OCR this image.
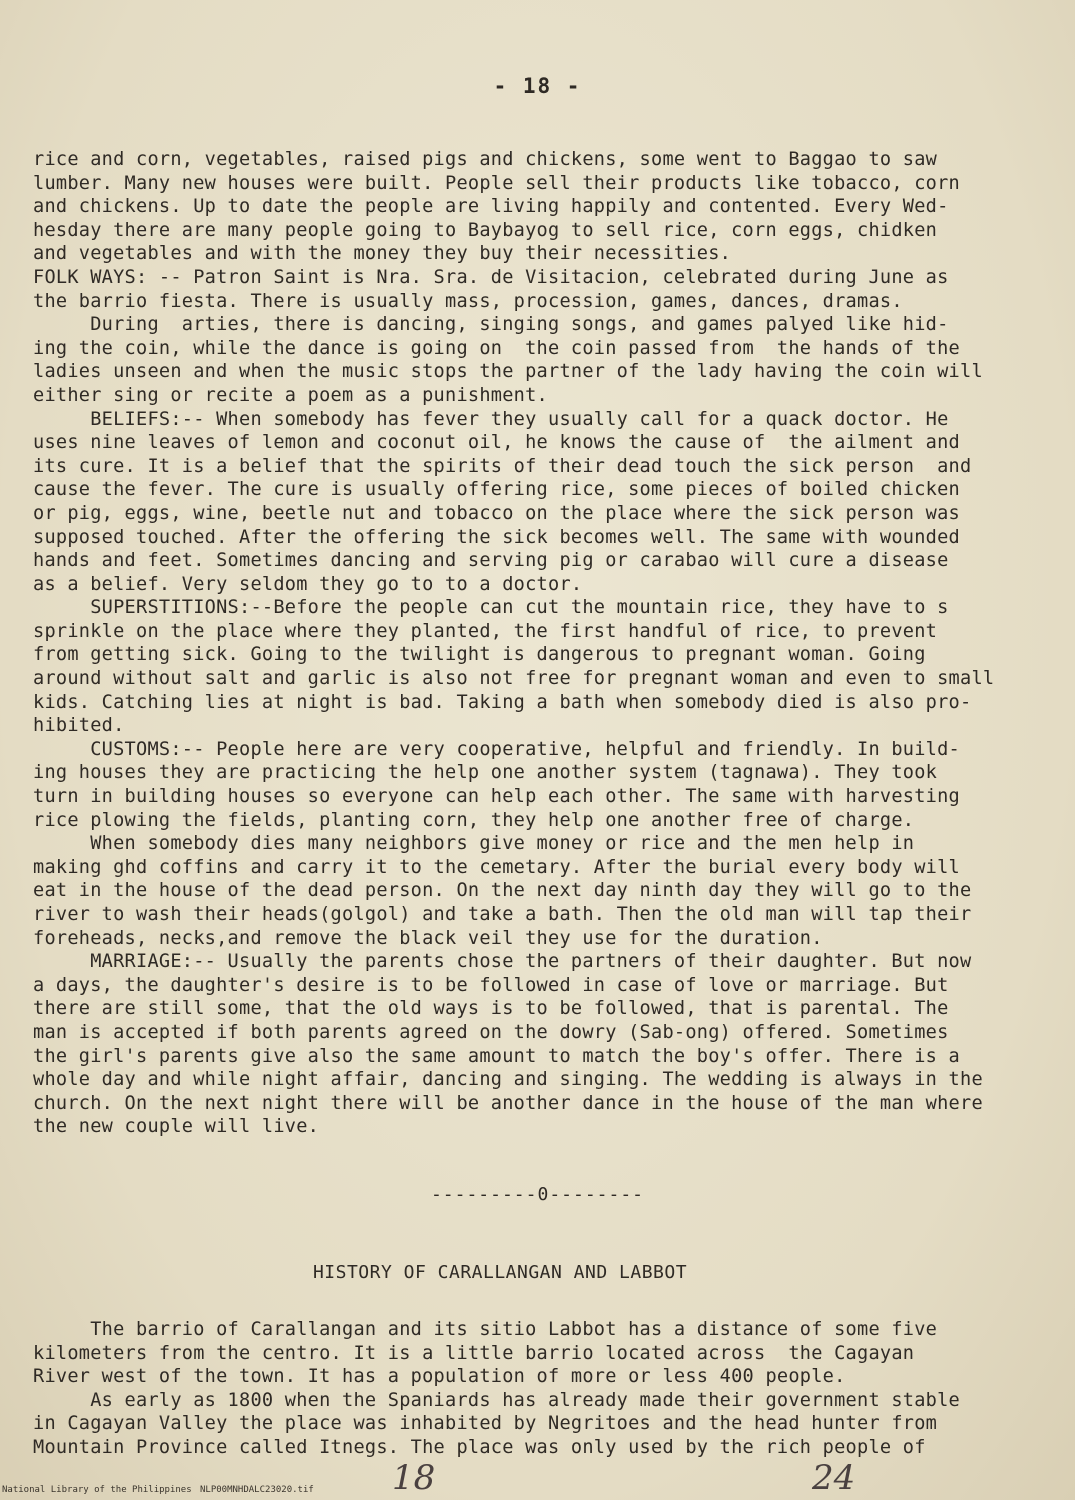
- 18 -
rice and corn, vegetables, raised pigs and chickens, some went to Baggao to saw
lumber. Many new houses were built. People sell their products like tobacco, corn
and chickens. Up to date the people are living happily and contented. Every Wed-
hesday there are many people going to Baybayog to sell rice, corn eggs, chidken
and vegetables and with the money they buy their necessities.
FOLK WAYS: -- Patron Saint is Nra. Sra. de Visitacion, celebrated during June as
the barrio fiesta. There is usually mass, procession, games, dances, dramas.
During  arties, there is dancing, singing songs, and games palyed like hid-
ing the coin, while the dance is going on  the coin passed from  the hands of the
ladies unseen and when the music stops the partner of the lady having the coin will
either sing or recite a poem as a punishment.
BELIEFS:-- When somebody has fever they usually call for a quack doctor. He
uses nine leaves of lemon and coconut oil, he knows the cause of  the ailment and
its cure. It is a belief that the spirits of their dead touch the sick person  and
cause the fever. The cure is usually offering rice, some pieces of boiled chicken
or pig, eggs, wine, beetle nut and tobacco on the place where the sick person was
supposed touched. After the offering the sick becomes well. The same with wounded
hands and feet. Sometimes dancing and serving pig or carabao will cure a disease
as a belief. Very seldom they go to to a doctor.
SUPERSTITIONS:--Before the people can cut the mountain rice, they have to s
sprinkle on the place where they planted, the first handful of rice, to prevent
from getting sick. Going to the twilight is dangerous to pregnant woman. Going
around without salt and garlic is also not free for pregnant woman and even to small
kids. Catching lies at night is bad. Taking a bath when somebody died is also pro-
hibited.
CUSTOMS:-- People here are very cooperative, helpful and friendly. In build-
ing houses they are practicing the help one another system (tagnawa). They took
turn in building houses so everyone can help each other. The same with harvesting
rice plowing the fields, planting corn, they help one another free of charge.
When somebody dies many neighbors give money or rice and the men help in
making ghd coffins and carry it to the cemetary. After the burial every body will
eat in the house of the dead person. On the next day ninth day they will go to the
river to wash their heads(golgol) and take a bath. Then the old man will tap their
foreheads, necks,and remove the black veil they use for the duration.
MARRIAGE:-- Usually the parents chose the partners of their daughter. But now
a days, the daughter's desire is to be followed in case of love or marriage. But
there are still some, that the old ways is to be followed, that is parental. The
man is accepted if both parents agreed on the dowry (Sab-ong) offered. Sometimes
the girl's parents give also the same amount to match the boy's offer. There is a
whole day and while night affair, dancing and singing. The wedding is always in the
church. On the next night there will be another dance in the house of the man where
the new couple will live.
---------0--------
HISTORY OF CARALLANGAN AND LABBOT
The barrio of Carallangan and its sitio Labbot has a distance of some five
kilometers from the centro. It is a little barrio located across  the Cagayan
River west of the town. It has a population of more or less 400 people.
As early as 1800 when the Spaniards has already made their government stable
in Cagayan Valley the place was inhabited by Negritoes and the head hunter from
Mountain Province called Itnegs. The place was only used by the rich people of
18	24
National Library of the Philippines NLP00MNHDALC23020.tif
